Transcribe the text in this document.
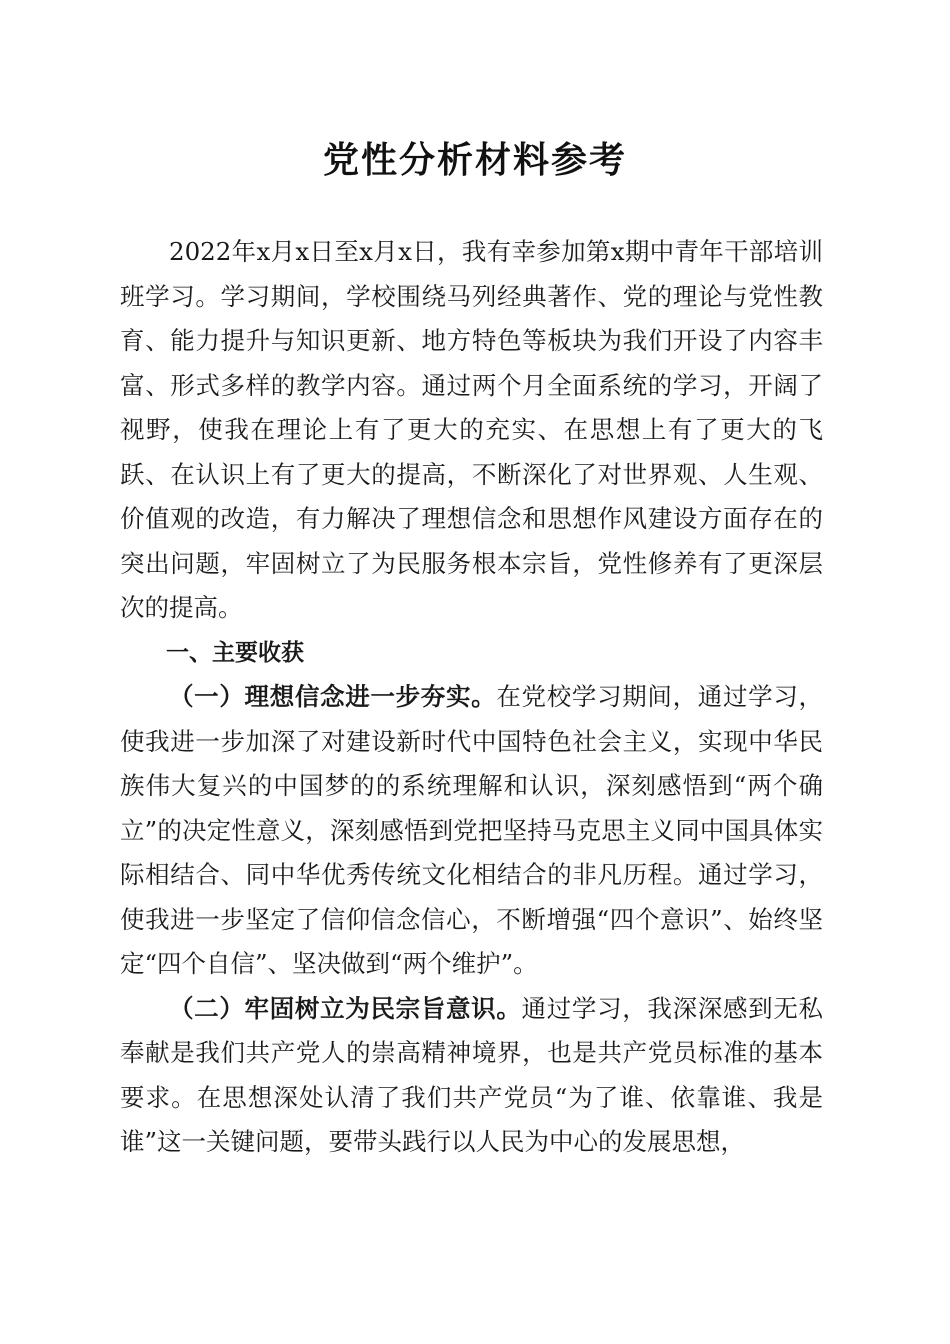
党性分析材料参考

2022年x月x日至x月x日，我有幸参加第x期中青年干部培训班学习。学习期间，学校围绕马列经典著作、党的理论与党性教育、能力提升与知识更新、地方特色等板块为我们开设了内容丰富、形式多样的教学内容。通过两个月全面系统的学习，开阔了视野，使我在理论上有了更大的充实、在思想上有了更大的飞跃、在认识上有了更大的提高，不断深化了对世界观、人生观、价值观的改造，有力解决了理想信念和思想作风建设方面存在的突出问题，牢固树立了为民服务根本宗旨，党性修养有了更深层次的提高。

一、主要收获

（一）理想信念进一步夯实。在党校学习期间，通过学习，使我进一步加深了对建设新时代中国特色社会主义，实现中华民族伟大复兴的中国梦的的系统理解和认识，深刻感悟到“两个确立”的决定性意义，深刻感悟到党把坚持马克思主义同中国具体实际相结合、同中华优秀传统文化相结合的非凡历程。通过学习，使我进一步坚定了信仰信念信心，不断增强“四个意识”、始终坚定“四个自信”、坚决做到“两个维护”。

（二）牢固树立为民宗旨意识。通过学习，我深深感到无私奉献是我们共产党人的崇高精神境界，也是共产党员标准的基本要求。在思想深处认清了我们共产党员“为了谁、依靠谁、我是谁”这一关键问题，要带头践行以人民为中心的发展思想，
